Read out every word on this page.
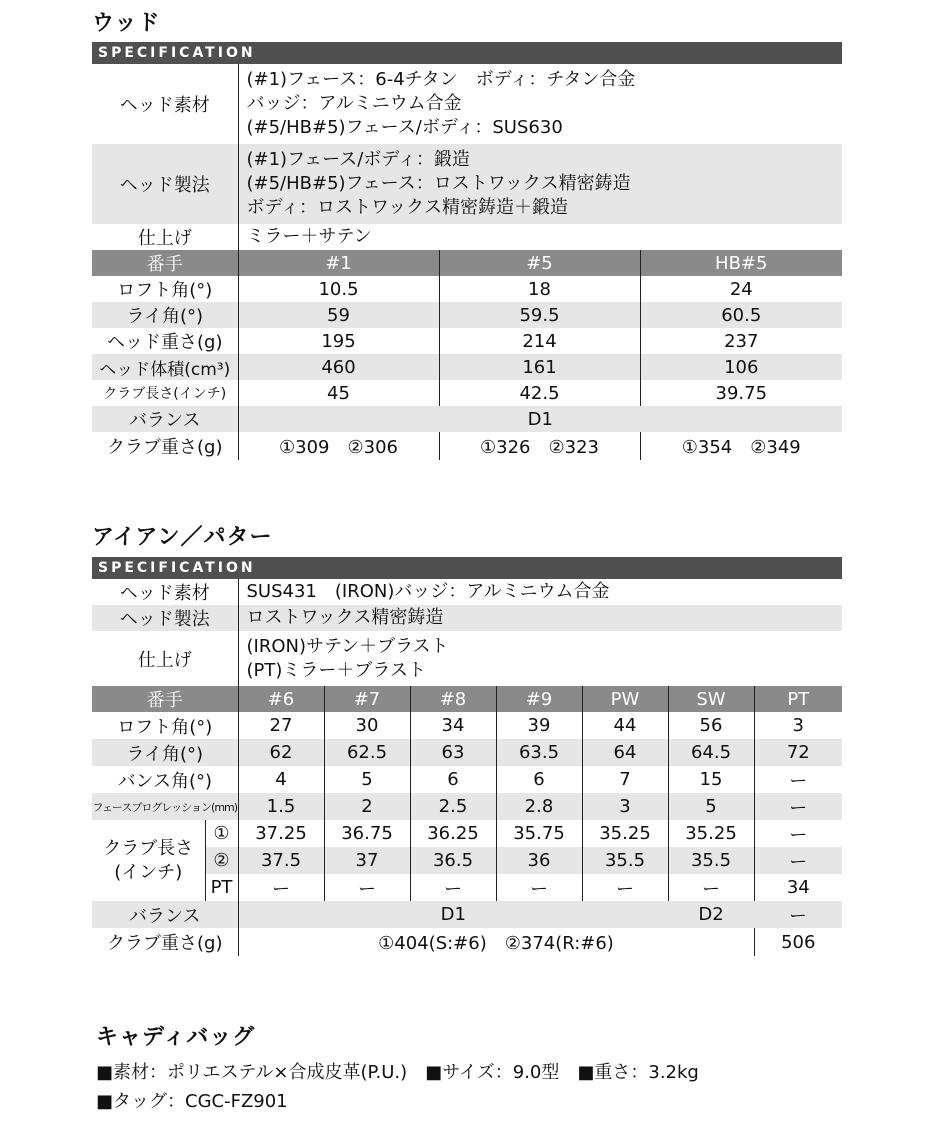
ウッド
SPECIFICATION
ヘッド素材	(#1)フェース：6-4チタン　ボディ：チタン合金
バッジ：アルミニウム合金
(#5/HB#5)フェース/ボディ：SUS630		

ヘッド製法	(#1)フェース/ボディ：鍛造
(#5/HB#5)フェース：ロストワックス精密鋳造
ボディ：ロストワックス精密鋳造＋鍛造		

仕上げ	ミラー＋サテン		
番手	#1	#5	HB#5
ロフト角(°)	10.5	18	24
ライ角(°)	59	59.5	60.5
ヘッド重さ(g)	195	214	237
ヘッド体積(cm³)	460	161	106
クラブ長さ(インチ)	45	42.5	39.75
バランス	D1		
クラブ重さ(g)	①309　②306	①326　②323	①354　②349
アイアン／パター
SPECIFICATION
ヘッド素材		SUS431　(IRON)バッジ：アルミニウム合金						
ヘッド製法		ロストワックス精密鋳造						
仕上げ		(IRON)サテン＋ブラスト
(PT)ミラー＋ブラスト						

番手		#6	#7	#8	#9	PW	SW	PT
ロフト角(°)		27	30	34	39	44	56	3
ライ角(°)		62	62.5	63	63.5	64	64.5	72
バンス角(°)		4	5	6	6	7	15	ー
フェースプログレッション(mm)		1.5	2	2.5	2.8	3	5	ー

クラブ長さ
(インチ)	①	37.25	36.75	36.25	35.75	35.25	35.25	ー
	②	37.5	37	36.5	36	35.5	35.5	ー
	PT	ー	ー	ー	ー	ー	ー	34
バランス		D1					D2	ー
クラブ重さ(g)		①404(S:#6)　②374(R:#6)						506
キャディバッグ
■素材：ポリエステル×合成皮革(P.U.)　■サイズ：9.0型　■重さ：3.2kg
■タッグ：CGC-FZ901
